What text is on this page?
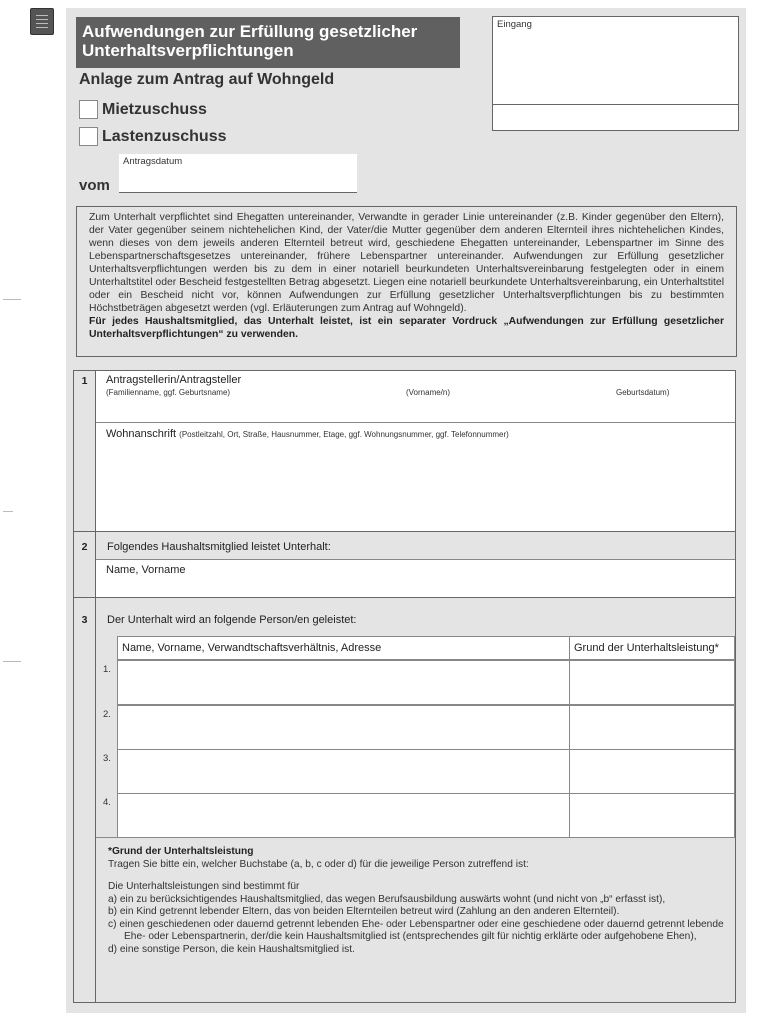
Aufwendungen zur Erfüllung gesetzlicher
Unterhaltsverpflichtungen
Eingang
Anlage zum Antrag auf Wohngeld
Mietzuschuss
Lastenzuschuss
Antragsdatum
vom
Zum Unterhalt verpflichtet sind Ehegatten untereinander, Verwandte in gerader Linie untereinander (z.B. Kinder gegenüber den Eltern), der Vater gegenüber seinem nichtehelichen Kind, der Vater/die Mutter gegenüber dem anderen Elternteil ihres nichtehelichen Kindes, wenn dieses von dem jeweils anderen Elternteil betreut wird, geschiedene Ehegatten untereinander, Lebenspartner im Sinne des Lebenspartnerschaftsgesetzes untereinander, frühere Lebenspartner untereinander. Aufwendungen zur Erfüllung gesetzlicher Unterhaltsverpflichtungen werden bis zu dem in einer notariell beurkundeten Unterhaltsvereinbarung festgelegten oder in einem Unterhaltstitel oder Bescheid festgestellten Betrag abgesetzt. Liegen eine notariell beurkundete Unterhaltsvereinbarung, ein Unterhaltstitel oder ein Bescheid nicht vor, können Aufwendungen zur Erfüllung gesetzlicher Unterhaltsverpflichtungen bis zu bestimmten Höchstbeträgen abgesetzt werden (vgl. Erläuterungen zum Antrag auf Wohngeld).
Für jedes Haushaltsmitglied, das Unterhalt leistet, ist ein separater Vordruck „Aufwendungen zur Erfüllung gesetzlicher Unterhaltsverpflichtungen“ zu verwenden.
1	Antragstellerin/Antragsteller
(Familienname, ggf. Geburtsname)	(Vorname/n)	Geburtsdatum)
Wohnanschrift (Postleitzahl, Ort, Straße, Hausnummer, Etage, ggf. Wohnungsnummer, ggf. Telefonnummer)
2	Folgendes Haushaltsmitglied leistet Unterhalt:
Name, Vorname
3	Der Unterhalt wird an folgende Person/en geleistet:
Name, Vorname, Verwandtschaftsverhältnis, Adresse	Grund der Unterhaltsleistung*
1.
2.
3.
4.
*Grund der Unterhaltsleistung
Tragen Sie bitte ein, welcher Buchstabe (a, b, c oder d) für die jeweilige Person zutreffend ist:
Die Unterhaltsleistungen sind bestimmt für
a) ein zu berücksichtigendes Haushaltsmitglied, das wegen Berufsausbildung auswärts wohnt (und nicht von „b“ erfasst ist),
b) ein Kind getrennt lebender Eltern, das von beiden Elternteilen betreut wird (Zahlung an den anderen Elternteil).
c) einen geschiedenen oder dauernd getrennt lebenden Ehe- oder Lebenspartner oder eine geschiedene oder dauernd getrennt lebende Ehe- oder Lebenspartnerin, der/die kein Haushaltsmitglied ist (entsprechendes gilt für nichtig erklärte oder aufgehobene Ehen),
d) eine sonstige Person, die kein Haushaltsmitglied ist.
